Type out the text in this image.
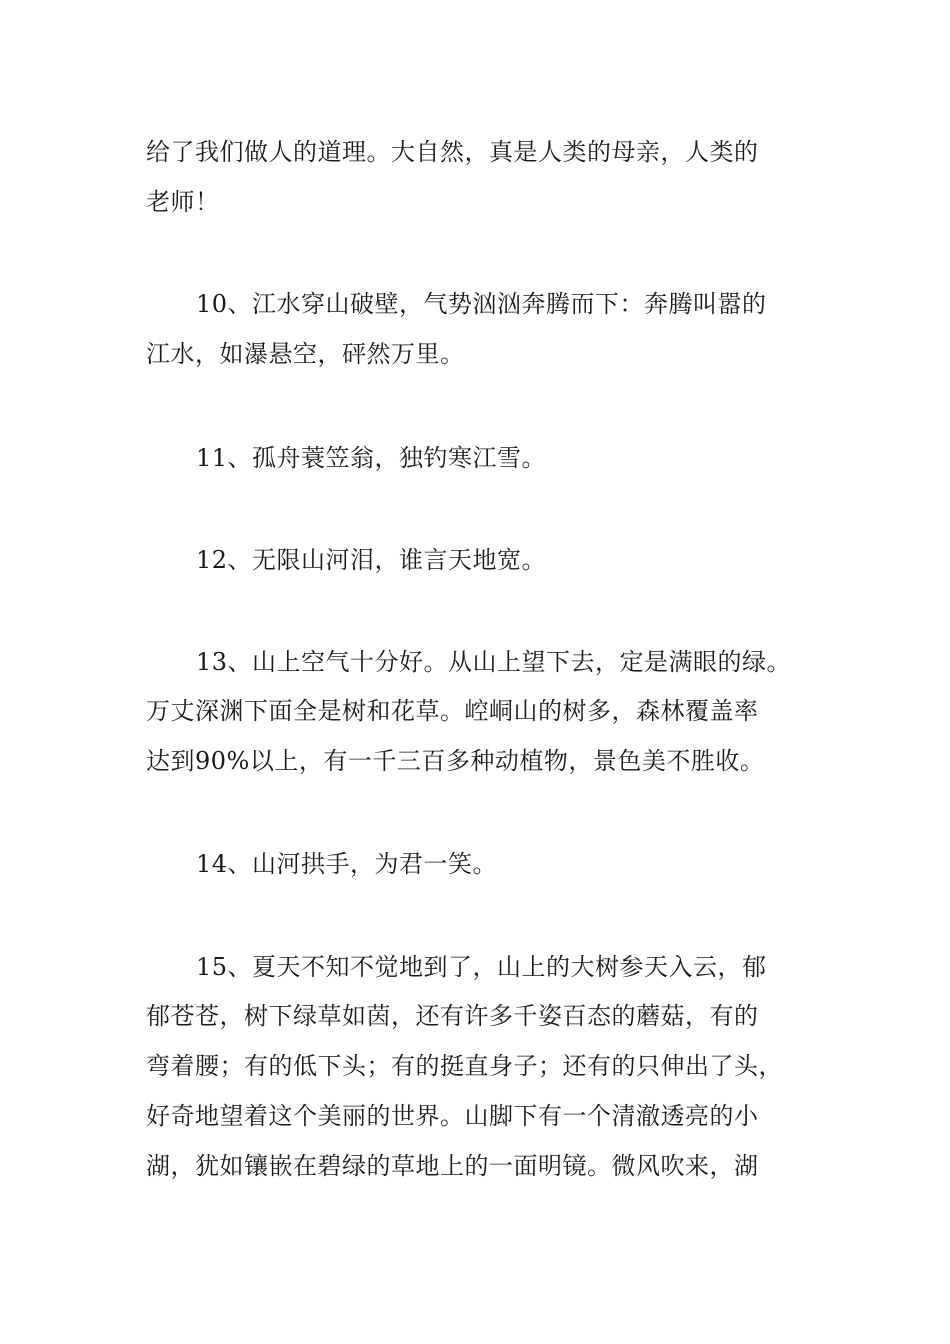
给了我们做人的道理。大自然，真是人类的母亲，人类的
老师！
10、江水穿山破壁，气势汹汹奔腾而下：奔腾叫嚣的
江水，如瀑悬空，砰然万里。
11、孤舟蓑笠翁，独钓寒江雪。
12、无限山河泪，谁言天地宽。
13、山上空气十分好。从山上望下去，定是满眼的绿。
万丈深渊下面全是树和花草。崆峒山的树多，森林覆盖率
达到90%以上，有一千三百多种动植物，景色美不胜收。
14、山河拱手，为君一笑。
15、夏天不知不觉地到了，山上的大树参天入云，郁
郁苍苍，树下绿草如茵，还有许多千姿百态的蘑菇，有的
弯着腰；有的低下头；有的挺直身子；还有的只伸出了头，
好奇地望着这个美丽的世界。山脚下有一个清澈透亮的小
湖，犹如镶嵌在碧绿的草地上的一面明镜。微风吹来，湖
